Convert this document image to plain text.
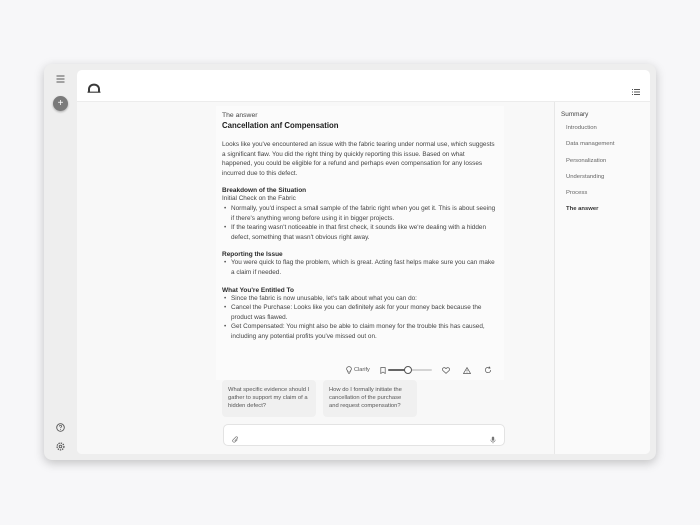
+
The answer
Cancellation anf Compensation

Looks like you've encountered an issue with the fabric tearing under normal use, which suggests a significant flaw. You did the right thing by quickly reporting this issue. Based on what happened, you could be eligible for a refund and perhaps even compensation for any losses incurred due to this defect.

Breakdown of the Situation
Initial Check on the Fabric
• Normally, you'd inspect a small sample of the fabric right when you get it. This is about seeing if there's anything wrong before using it in bigger projects.
• If the tearing wasn't noticeable in that first check, it sounds like we're dealing with a hidden defect, something that wasn't obvious right away.
Reporting the Issue
• You were quick to flag the problem, which is great. Acting fast helps make sure you can make a claim if needed.
What You're Entitled To
• Since the fabric is now unusable, let's talk about what you can do:
• Cancel the Purchase: Looks like you can definitely ask for your money back because the product was flawed.
• Get Compensated: You might also be able to claim money for the trouble this has caused, including any potential profits you've missed out on.
Clarify
What specific evidence should I gather to support my claim of a hidden defect?
How do I formally initiate the cancellation of the purchase and request compensation?
Summary
Introduction
Data management
Personalization
Understanding
Process
The answer
